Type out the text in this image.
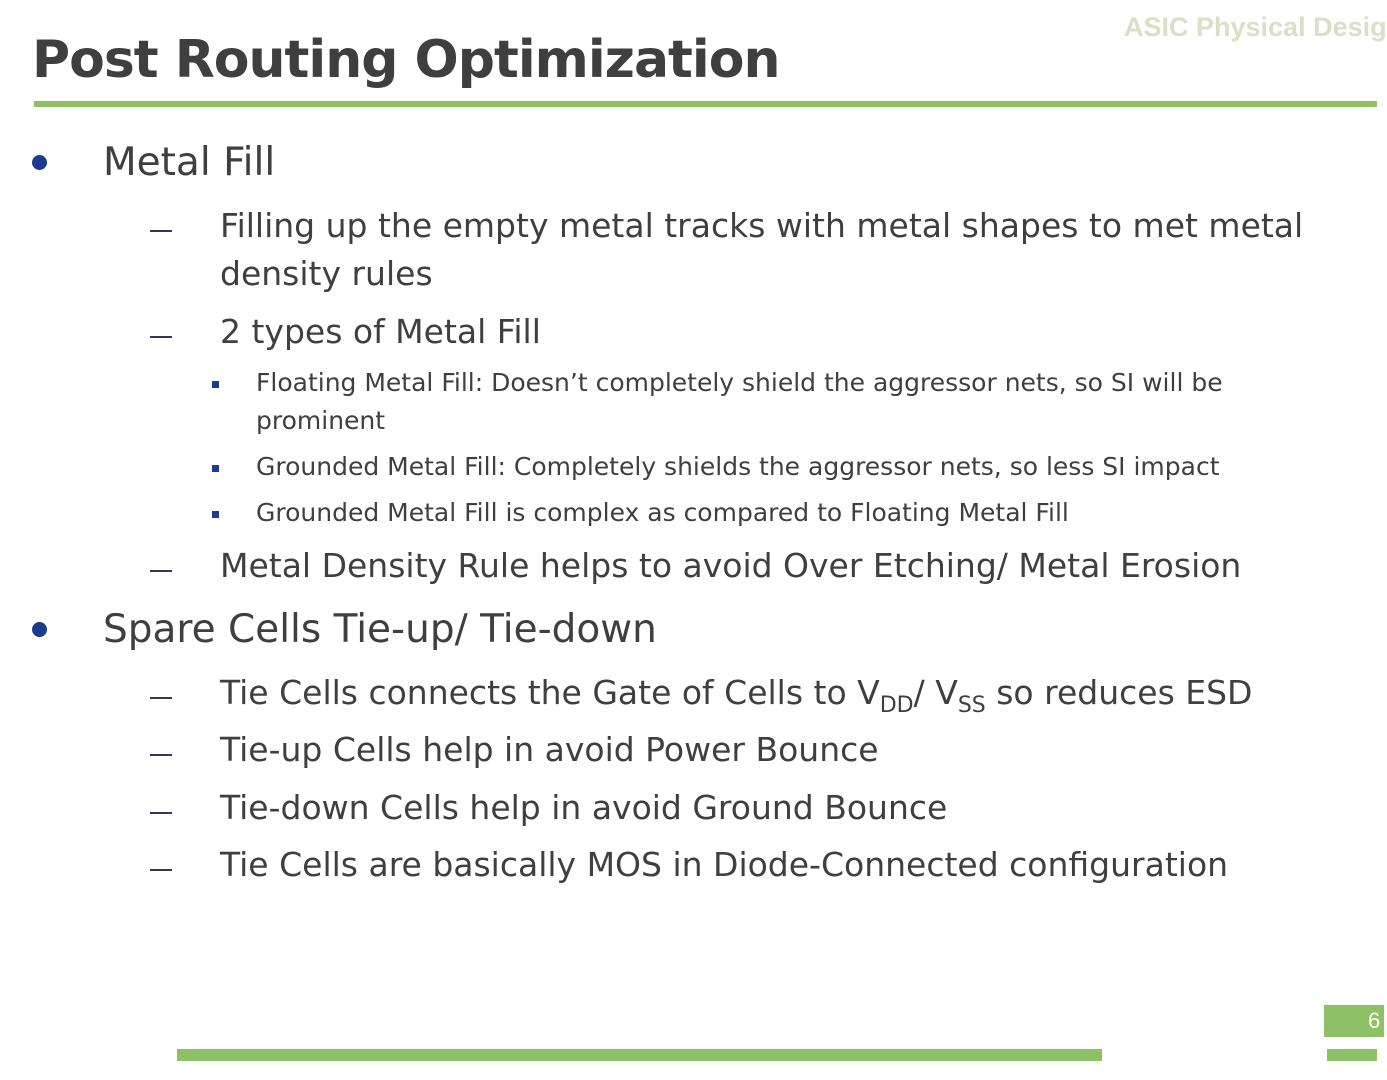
ASIC Physical Desig
Post Routing Optimization
Metal Fill
Filling up the empty metal tracks with metal shapes to met metal density rules
2 types of Metal Fill
Floating Metal Fill: Doesn’t completely shield the aggressor nets, so SI will be prominent
Grounded Metal Fill: Completely shields the aggressor nets, so less SI impact
Grounded Metal Fill is complex as compared to Floating Metal Fill
Metal Density Rule helps to avoid Over Etching/ Metal Erosion
Spare Cells Tie-up/ Tie-down
Tie Cells connects the Gate of Cells to $V_{DD}/$ $V_{SS}$ so reduces ESD
Tie-up Cells help in avoid Power Bounce
Tie-down Cells help in avoid Ground Bounce
Tie Cells are basically MOS in Diode-Connected configuration
6
